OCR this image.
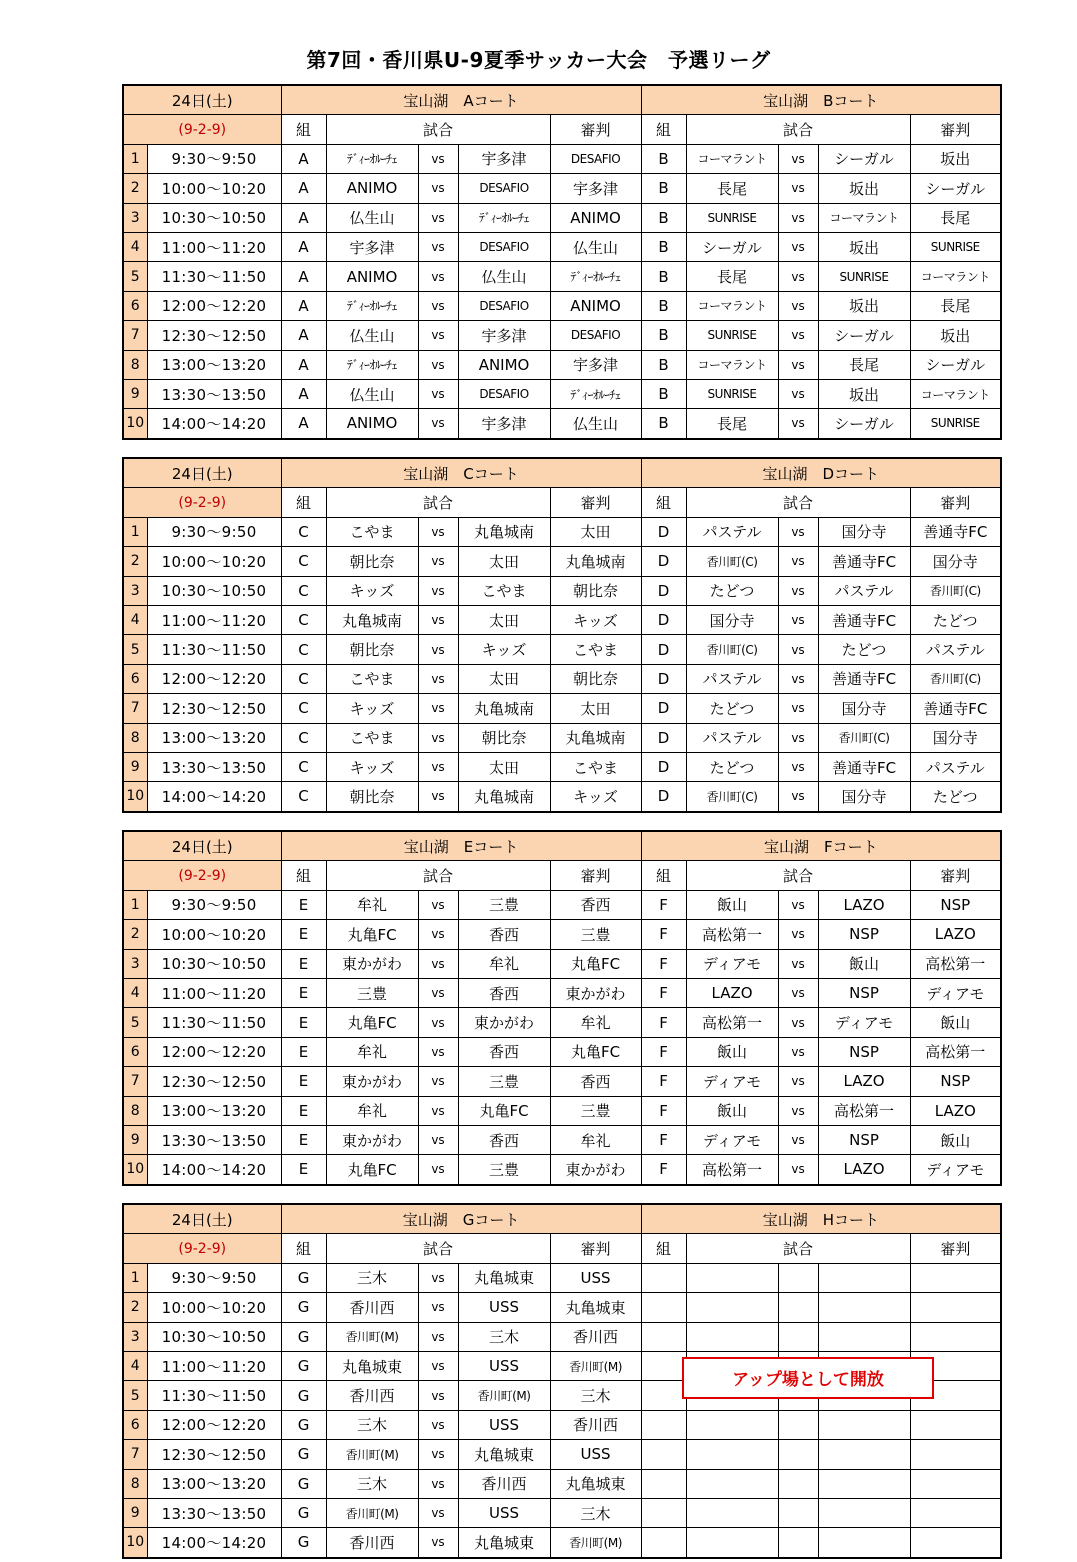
第7回・香川県U-9夏季サッカー大会　予選リーグ
24日(土)		宝山湖　Aコート					宝山湖　Bコート				
(9-2-9)		組	試合			審判	組	試合			審判
1	9:30～9:50	A	ﾃﾞｨｰｵﾙｰﾁｪ	vs	宇多津	DESAFIO	B	コーマラント	vs	シーガル	坂出
2	10:00～10:20	A	ANIMO	vs	DESAFIO	宇多津	B	長尾	vs	坂出	シーガル
3	10:30～10:50	A	仏生山	vs	ﾃﾞｨｰｵﾙｰﾁｪ	ANIMO	B	SUNRISE	vs	コーマラント	長尾
4	11:00～11:20	A	宇多津	vs	DESAFIO	仏生山	B	シーガル	vs	坂出	SUNRISE
5	11:30～11:50	A	ANIMO	vs	仏生山	ﾃﾞｨｰｵﾙｰﾁｪ	B	長尾	vs	SUNRISE	コーマラント
6	12:00～12:20	A	ﾃﾞｨｰｵﾙｰﾁｪ	vs	DESAFIO	ANIMO	B	コーマラント	vs	坂出	長尾
7	12:30～12:50	A	仏生山	vs	宇多津	DESAFIO	B	SUNRISE	vs	シーガル	坂出
8	13:00～13:20	A	ﾃﾞｨｰｵﾙｰﾁｪ	vs	ANIMO	宇多津	B	コーマラント	vs	長尾	シーガル
9	13:30～13:50	A	仏生山	vs	DESAFIO	ﾃﾞｨｰｵﾙｰﾁｪ	B	SUNRISE	vs	坂出	コーマラント
10	14:00～14:20	A	ANIMO	vs	宇多津	仏生山	B	長尾	vs	シーガル	SUNRISE
24日(土)		宝山湖　Cコート					宝山湖　Dコート				
(9-2-9)		組	試合			審判	組	試合			審判
1	9:30～9:50	C	こやま	vs	丸亀城南	太田	D	パステル	vs	国分寺	善通寺FC
2	10:00～10:20	C	朝比奈	vs	太田	丸亀城南	D	香川町(C)	vs	善通寺FC	国分寺
3	10:30～10:50	C	キッズ	vs	こやま	朝比奈	D	たどつ	vs	パステル	香川町(C)
4	11:00～11:20	C	丸亀城南	vs	太田	キッズ	D	国分寺	vs	善通寺FC	たどつ
5	11:30～11:50	C	朝比奈	vs	キッズ	こやま	D	香川町(C)	vs	たどつ	パステル
6	12:00～12:20	C	こやま	vs	太田	朝比奈	D	パステル	vs	善通寺FC	香川町(C)
7	12:30～12:50	C	キッズ	vs	丸亀城南	太田	D	たどつ	vs	国分寺	善通寺FC
8	13:00～13:20	C	こやま	vs	朝比奈	丸亀城南	D	パステル	vs	香川町(C)	国分寺
9	13:30～13:50	C	キッズ	vs	太田	こやま	D	たどつ	vs	善通寺FC	パステル
10	14:00～14:20	C	朝比奈	vs	丸亀城南	キッズ	D	香川町(C)	vs	国分寺	たどつ
24日(土)		宝山湖　Eコート					宝山湖　Fコート				
(9-2-9)		組	試合			審判	組	試合			審判
1	9:30～9:50	E	牟礼	vs	三豊	香西	F	飯山	vs	LAZO	NSP
2	10:00～10:20	E	丸亀FC	vs	香西	三豊	F	高松第一	vs	NSP	LAZO
3	10:30～10:50	E	東かがわ	vs	牟礼	丸亀FC	F	ディアモ	vs	飯山	高松第一
4	11:00～11:20	E	三豊	vs	香西	東かがわ	F	LAZO	vs	NSP	ディアモ
5	11:30～11:50	E	丸亀FC	vs	東かがわ	牟礼	F	高松第一	vs	ディアモ	飯山
6	12:00～12:20	E	牟礼	vs	香西	丸亀FC	F	飯山	vs	NSP	高松第一
7	12:30～12:50	E	東かがわ	vs	三豊	香西	F	ディアモ	vs	LAZO	NSP
8	13:00～13:20	E	牟礼	vs	丸亀FC	三豊	F	飯山	vs	高松第一	LAZO
9	13:30～13:50	E	東かがわ	vs	香西	牟礼	F	ディアモ	vs	NSP	飯山
10	14:00～14:20	E	丸亀FC	vs	三豊	東かがわ	F	高松第一	vs	LAZO	ディアモ
24日(土)		宝山湖　Gコート					宝山湖　Hコート				
(9-2-9)		組	試合			審判	組	試合			審判
1	9:30～9:50	G	三木	vs	丸亀城東	USS					
2	10:00～10:20	G	香川西	vs	USS	丸亀城東					
3	10:30～10:50	G	香川町(M)	vs	三木	香川西					
4	11:00～11:20	G	丸亀城東	vs	USS	香川町(M)					
5	11:30～11:50	G	香川西	vs	香川町(M)	三木					
6	12:00～12:20	G	三木	vs	USS	香川西					
7	12:30～12:50	G	香川町(M)	vs	丸亀城東	USS					
8	13:00～13:20	G	三木	vs	香川西	丸亀城東					
9	13:30～13:50	G	香川町(M)	vs	USS	三木					
10	14:00～14:20	G	香川西	vs	丸亀城東	香川町(M)					
アップ場として開放
